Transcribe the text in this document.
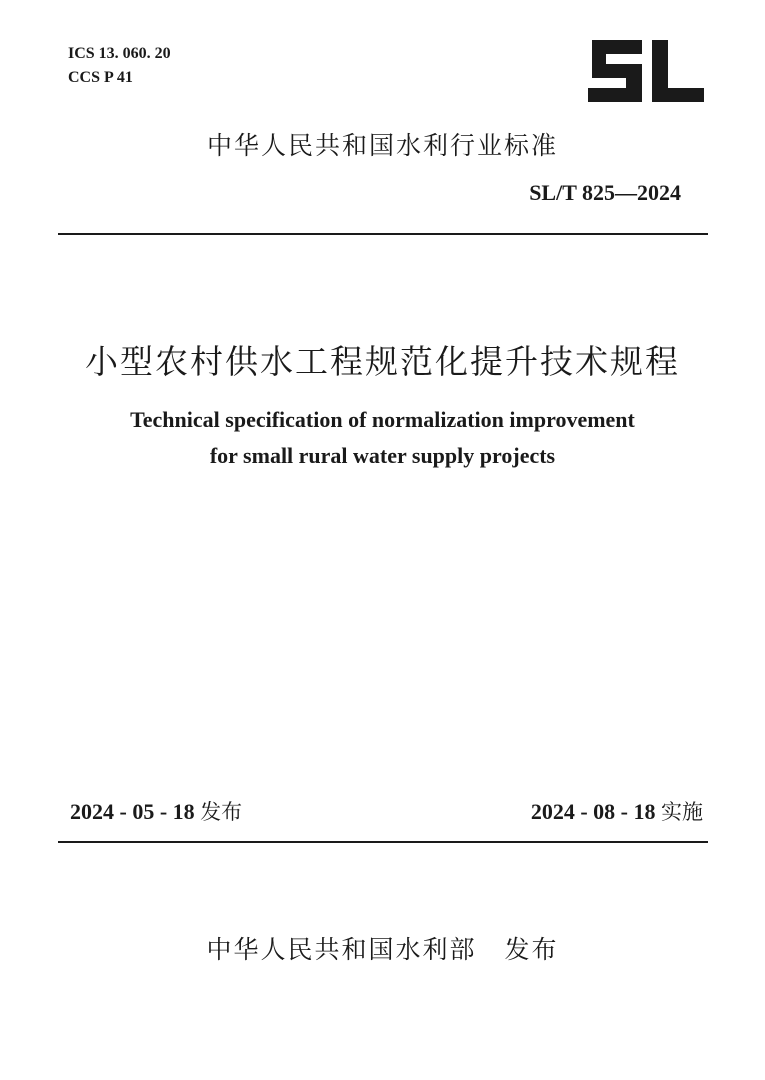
ICS 13. 060. 20
CCS P 41
中华人民共和国水利行业标准
SL/T 825—2024
小型农村供水工程规范化提升技术规程
Technical specification of normalization improvement
for small rural water supply projects
2024 - 05 - 18 发布	2024 - 08 - 18 实施
中华人民共和国水利部 发布
